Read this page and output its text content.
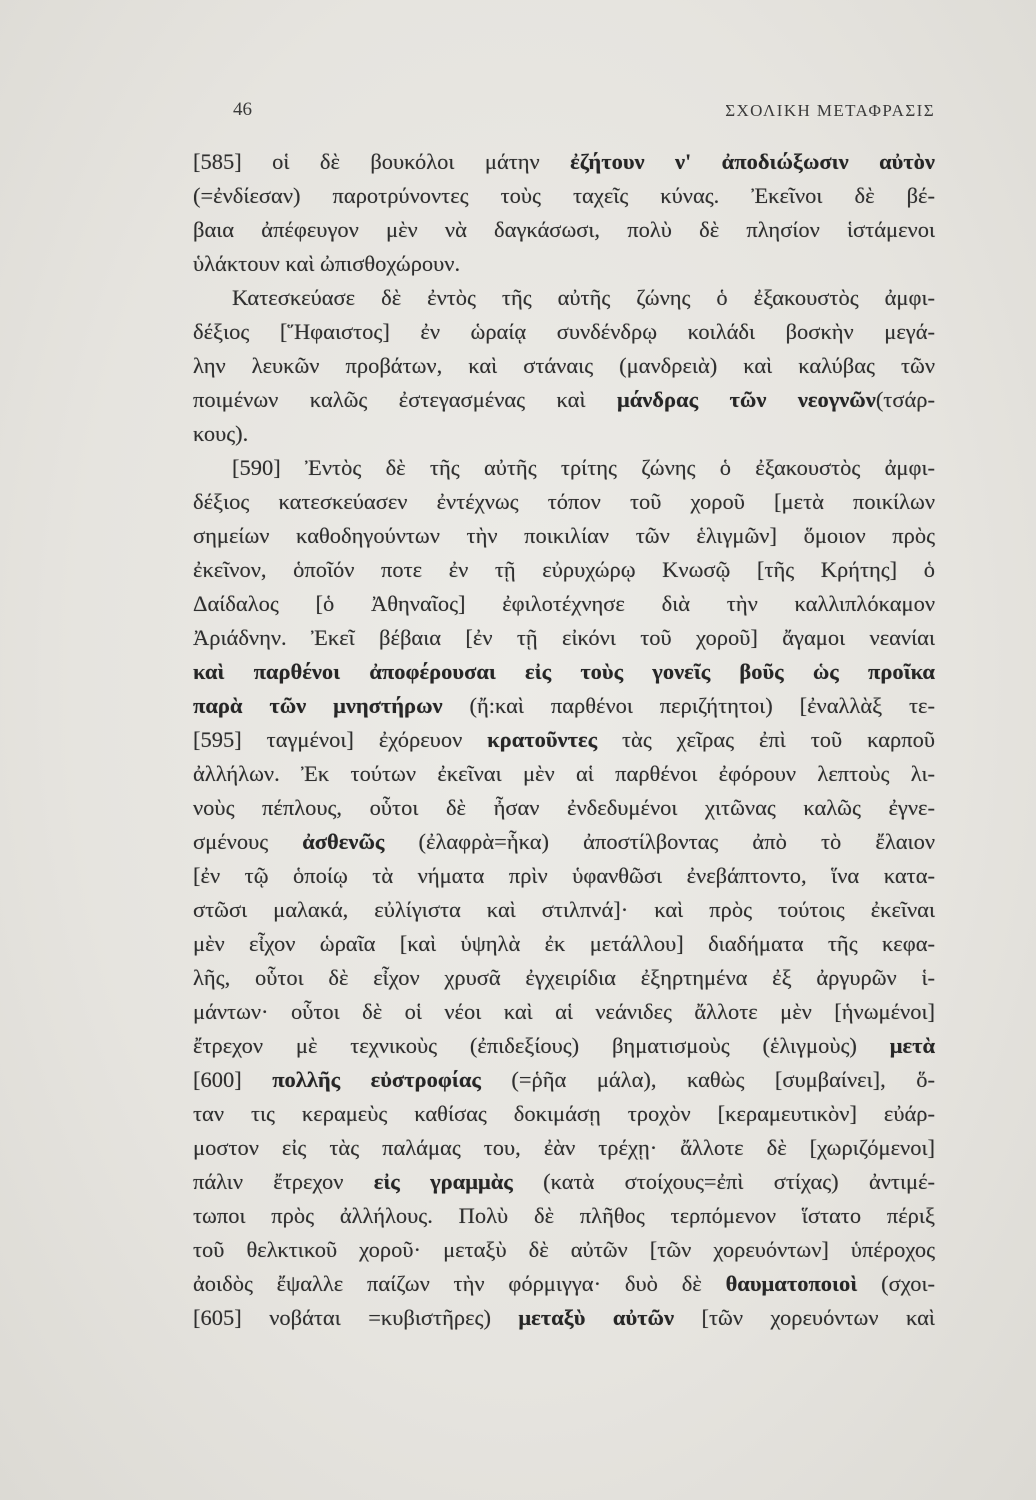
46	ΣΧΟΛΙΚΗ ΜΕΤΑΦΡΑΣΙΣ
[585] οἱ δὲ βουκόλοι μάτην ἐζήτουν ν' ἀποδιώξωσιν αὐτὸν
(=ἐνδίεσαν) παροτρύνοντες τοὺς ταχεῖς κύνας. Ἐκεῖνοι δὲ βέ-
βαια ἀπέφευγον μὲν νὰ δαγκάσωσι, πολὺ δὲ πλησίον ἱστάμενοι
ὑλάκτουν καὶ ὠπισθοχώρουν.
Κατεσκεύασε δὲ ἐντὸς τῆς αὐτῆς ζώνης ὁ ἐξακουστὸς ἀμφι-
δέξιος [Ἥφαιστος] ἐν ὡραίᾳ συνδένδρῳ κοιλάδι βοσκὴν μεγά-
λην λευκῶν προβάτων, καὶ στάναις (μανδρειὰ) καὶ καλύβας τῶν
ποιμένων καλῶς ἐστεγασμένας καὶ μάνδρας τῶν νεογνῶν(τσάρ-
κους).
[590] Ἐντὸς δὲ τῆς αὐτῆς τρίτης ζώνης ὁ ἐξακουστὸς ἀμφι-
δέξιος κατεσκεύασεν ἐντέχνως τόπον τοῦ χοροῦ [μετὰ ποικίλων
σημείων καθοδηγούντων τὴν ποικιλίαν τῶν ἑλιγμῶν] ὅμοιον πρὸς
ἐκεῖνον, ὁποῖόν ποτε ἐν τῇ εὐρυχώρῳ Κνωσῷ [τῆς Κρήτης] ὁ
Δαίδαλος [ὁ Ἀθηναῖος] ἐφιλοτέχνησε διὰ τὴν καλλιπλόκαμον
Ἀριάδνην. Ἐκεῖ βέβαια [ἐν τῇ εἰκόνι τοῦ χοροῦ] ἄγαμοι νεανίαι
καὶ παρθένοι ἀποφέρουσαι εἰς τοὺς γονεῖς βοῦς ὡς προῖκα
παρὰ τῶν μνηστήρων (ἤ:καὶ παρθένοι περιζήτητοι) [ἐναλλὰξ τε-
[595] ταγμένοι] ἐχόρευον κρατοῦντες τὰς χεῖρας ἐπὶ τοῦ καρποῦ
ἀλλήλων. Ἐκ τούτων ἐκεῖναι μὲν αἱ παρθένοι ἐφόρουν λεπτοὺς λι-
νοὺς πέπλους, οὗτοι δὲ ἦσαν ἐνδεδυμένοι χιτῶνας καλῶς ἐγνε-
σμένους ἀσθενῶς (ἐλαφρὰ=ἧκα) ἀποστίλβοντας ἀπὸ τὸ ἔλαιον
[ἐν τῷ ὁποίῳ τὰ νήματα πρὶν ὑφανθῶσι ἐνεβάπτοντο, ἵνα κατα-
στῶσι μαλακά, εὐλίγιστα καὶ στιλπνά]· καὶ πρὸς τούτοις ἐκεῖναι
μὲν εἶχον ὡραῖα [καὶ ὑψηλὰ ἐκ μετάλλου] διαδήματα τῆς κεφα-
λῆς, οὗτοι δὲ εἶχον χρυσᾶ ἐγχειρίδια ἐξηρτημένα ἐξ ἀργυρῶν ἱ-
μάντων· οὗτοι δὲ οἱ νέοι καὶ αἱ νεάνιδες ἄλλοτε μὲν [ἡνωμένοι]
ἔτρεχον μὲ τεχνικοὺς (ἐπιδεξίους) βηματισμοὺς (ἑλιγμοὺς) μετὰ
[600] πολλῆς εὐστροφίας (=ῥῆα μάλα), καθὼς [συμβαίνει], ὅ-
ταν τις κεραμεὺς καθίσας δοκιμάσῃ τροχὸν [κεραμευτικὸν] εὐάρ-
μοστον εἰς τὰς παλάμας του, ἐὰν τρέχῃ· ἄλλοτε δὲ [χωριζόμενοι]
πάλιν ἔτρεχον εἰς γραμμὰς (κατὰ στοίχους=ἐπὶ στίχας) ἀντιμέ-
τωποι πρὸς ἀλλήλους. Πολὺ δὲ πλῆθος τερπόμενον ἵστατο πέριξ
τοῦ θελκτικοῦ χοροῦ· μεταξὺ δὲ αὐτῶν [τῶν χορευόντων] ὑπέροχος
ἀοιδὸς ἔψαλλε παίζων τὴν φόρμιγγα· δυὸ δὲ θαυματοποιοὶ (σχοι-
[605] νοβάται =κυβιστῆρες) μεταξὺ αὐτῶν [τῶν χορευόντων καὶ
